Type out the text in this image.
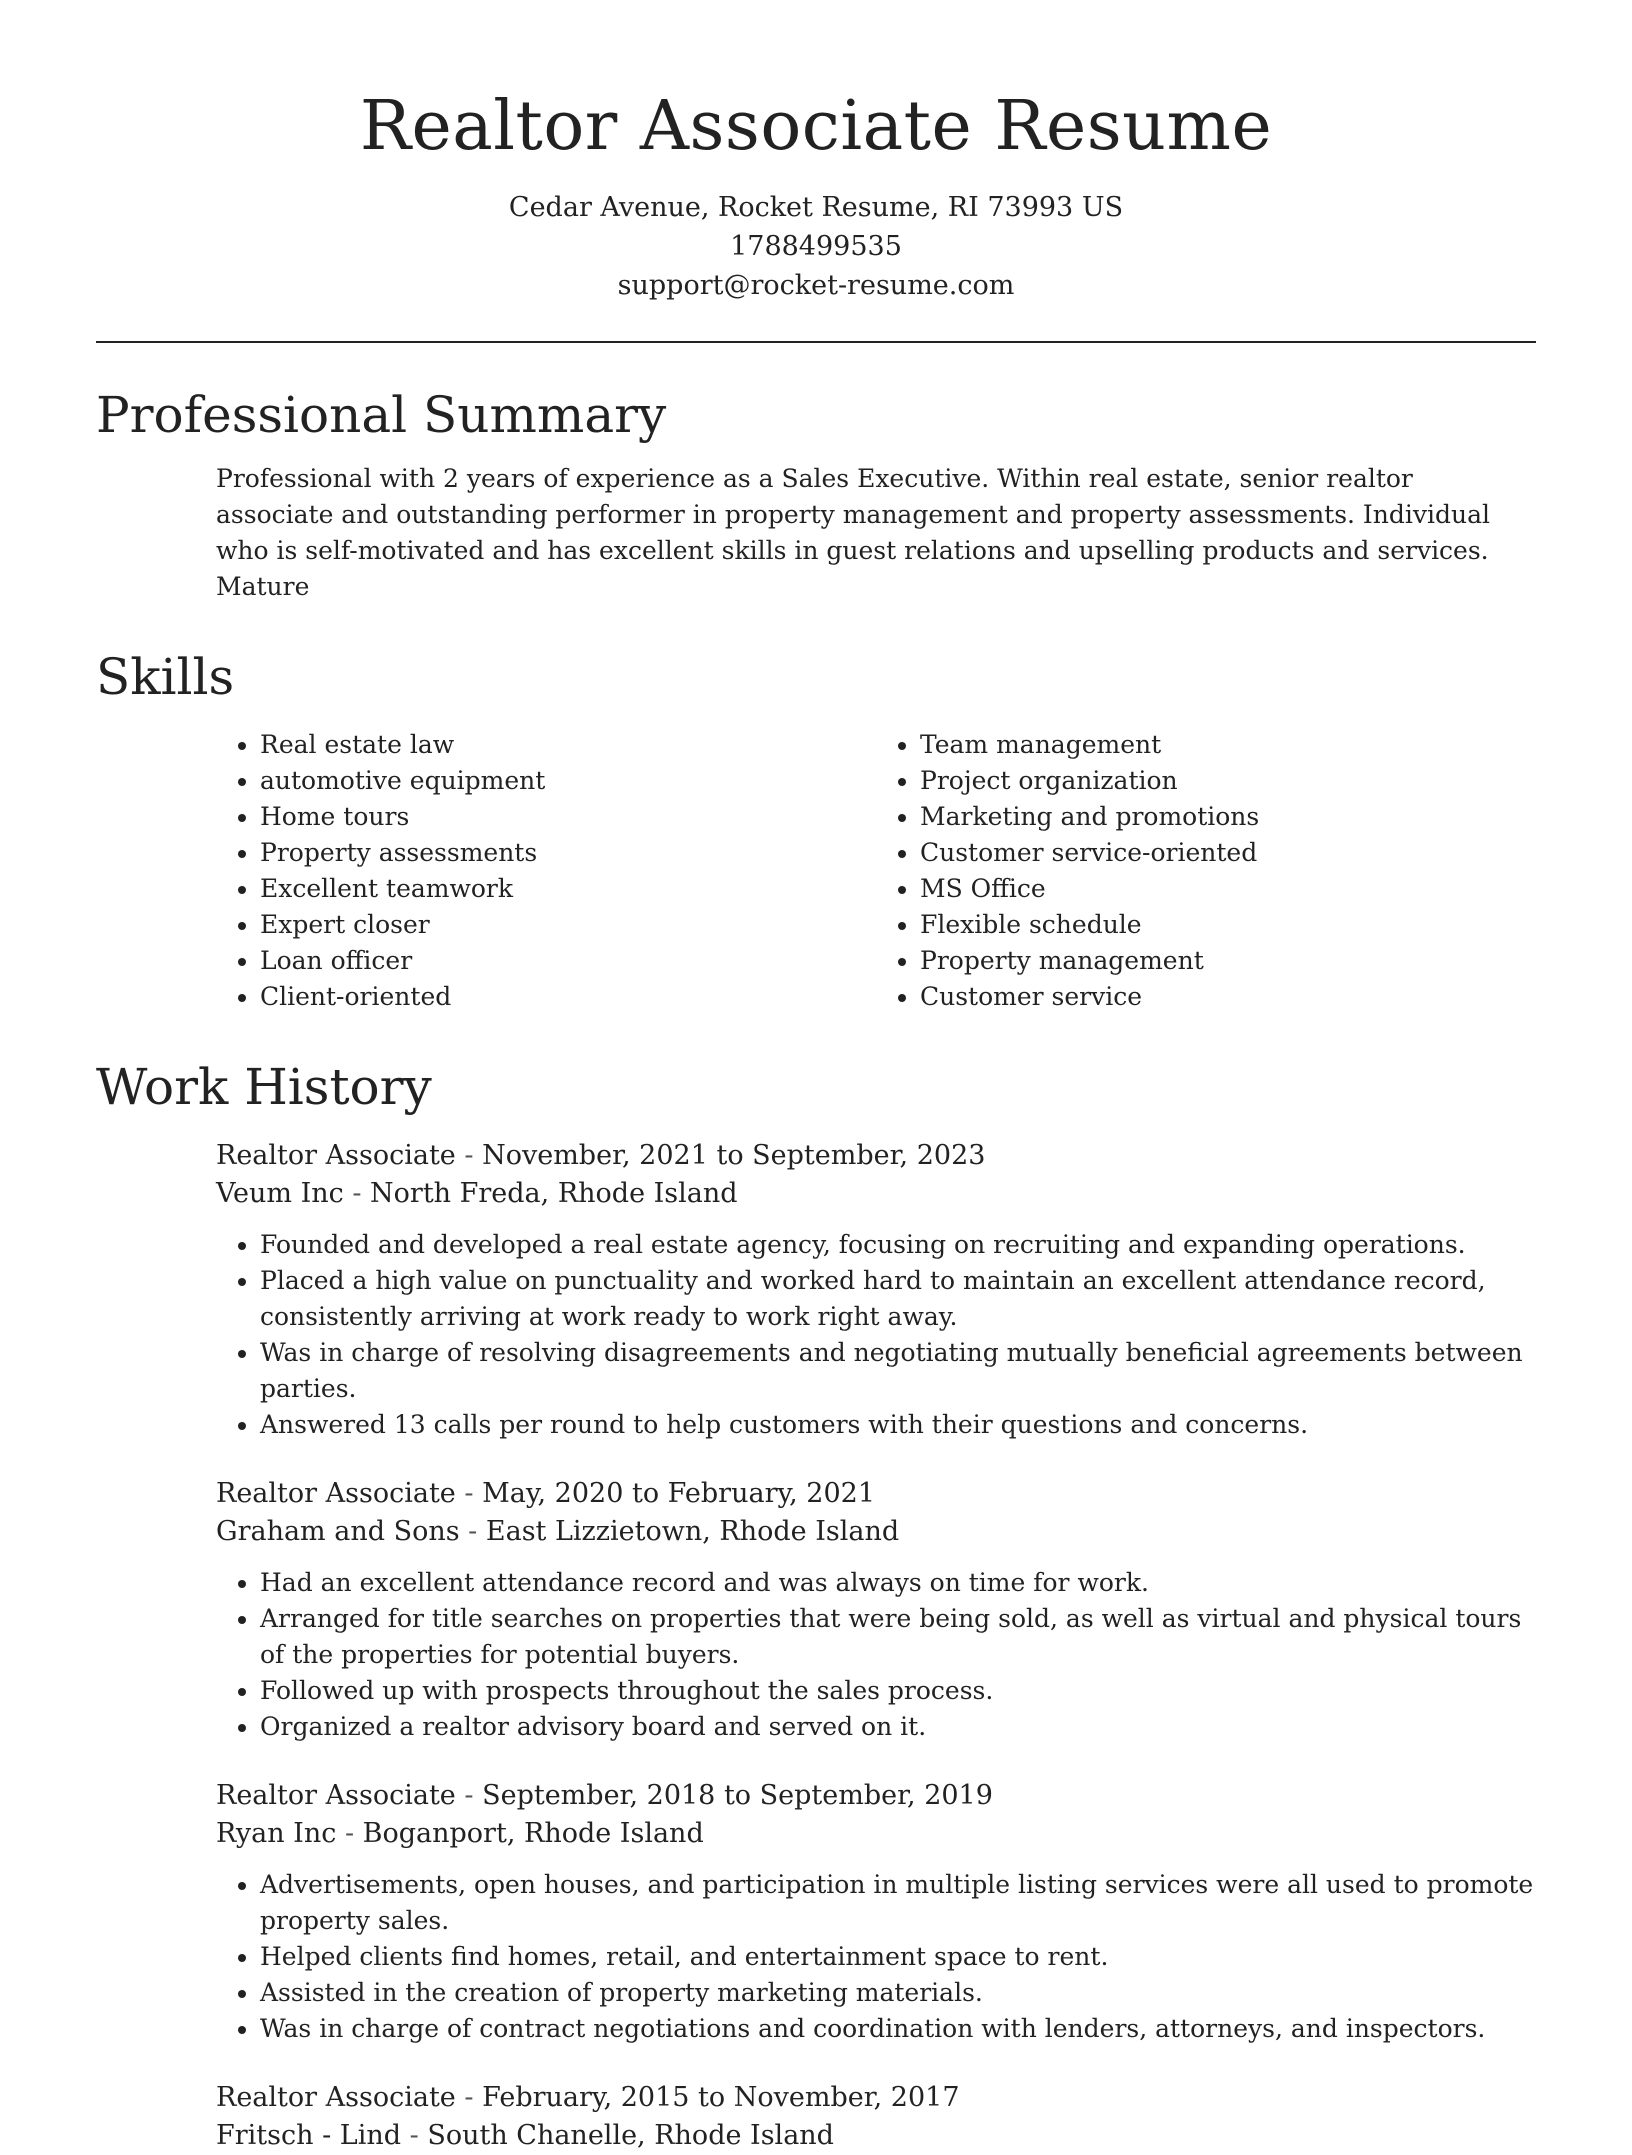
Realtor Associate Resume
Cedar Avenue, Rocket Resume, RI 73993 US
1788499535
support@rocket-resume.com
Professional Summary

Professional with 2 years of experience as a Sales Executive. Within real estate, senior realtor associate and outstanding performer in property management and property assessments. Individual who is self-motivated and has excellent skills in guest relations and upselling products and services. Mature

Skills
• Real estate law
• automotive equipment
• Home tours
• Property assessments
• Excellent teamwork
• Expert closer
• Loan officer
• Client-oriented
• Team management
• Project organization
• Marketing and promotions
• Customer service-oriented
• MS Office
• Flexible schedule
• Property management
• Customer service
Work History
Realtor Associate - November, 2021 to September, 2023
Veum Inc - North Freda, Rhode Island
• Founded and developed a real estate agency, focusing on recruiting and expanding operations.
• Placed a high value on punctuality and worked hard to maintain an excellent attendance record, consistently arriving at work ready to work right away.
• Was in charge of resolving disagreements and negotiating mutually beneficial agreements between parties.
• Answered 13 calls per round to help customers with their questions and concerns.
Realtor Associate - May, 2020 to February, 2021
Graham and Sons - East Lizzietown, Rhode Island
• Had an excellent attendance record and was always on time for work.
• Arranged for title searches on properties that were being sold, as well as virtual and physical tours of the properties for potential buyers.
• Followed up with prospects throughout the sales process.
• Organized a realtor advisory board and served on it.
Realtor Associate - September, 2018 to September, 2019
Ryan Inc - Boganport, Rhode Island
• Advertisements, open houses, and participation in multiple listing services were all used to promote property sales.
• Helped clients find homes, retail, and entertainment space to rent.
• Assisted in the creation of property marketing materials.
• Was in charge of contract negotiations and coordination with lenders, attorneys, and inspectors.
Realtor Associate - February, 2015 to November, 2017
Fritsch - Lind - South Chanelle, Rhode Island
